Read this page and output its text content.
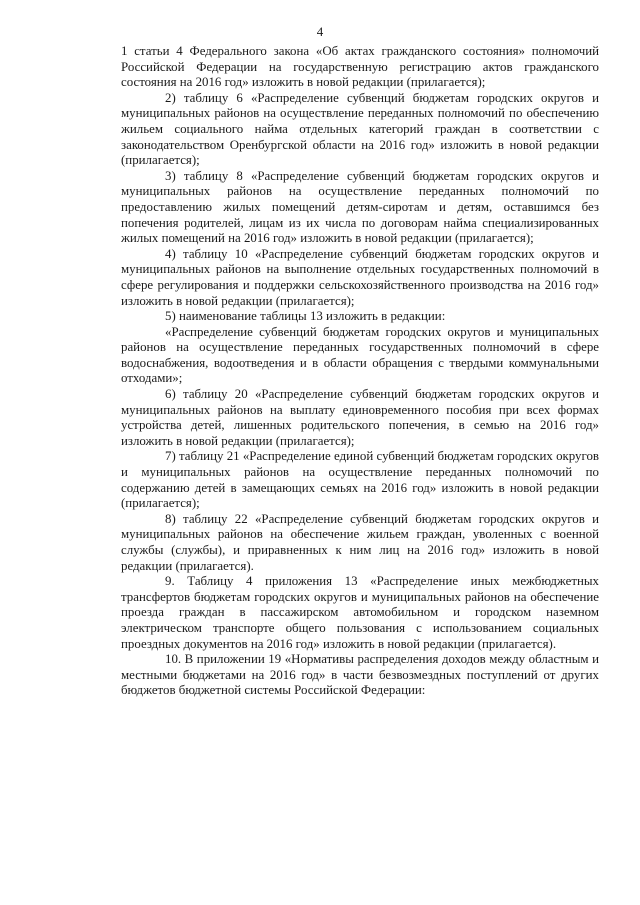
4

1 статьи 4 Федерального закона «Об актах гражданского состояния» полномочий Российской Федерации на государственную регистрацию актов гражданского состояния на 2016 год» изложить в новой редакции (прилагается);

2) таблицу 6 «Распределение субвенций бюджетам городских округов и муниципальных районов на осуществление переданных полномочий по обеспечению жильем социального найма отдельных категорий граждан в соответствии с законодательством Оренбургской области на 2016 год» изложить в новой редакции (прилагается);

3) таблицу 8 «Распределение субвенций бюджетам городских округов и муниципальных районов на осуществление переданных полномочий по предоставлению жилых помещений детям-сиротам и детям, оставшимся без попечения родителей, лицам из их числа по договорам найма специализированных жилых помещений на 2016 год» изложить в новой редакции (прилагается);

4) таблицу 10 «Распределение субвенций бюджетам городских округов и муниципальных районов на выполнение отдельных государственных полномочий в сфере регулирования и поддержки сельскохозяйственного производства на 2016 год» изложить в новой редакции (прилагается);

5) наименование таблицы 13 изложить в редакции:

«Распределение субвенций бюджетам городских округов и муниципальных районов на осуществление переданных государственных полномочий в сфере водоснабжения, водоотведения и в области обращения с твердыми коммунальными отходами»;

6) таблицу 20 «Распределение субвенций бюджетам городских округов и муниципальных районов на выплату единовременного пособия при всех формах устройства детей, лишенных родительского попечения, в семью на 2016 год» изложить в новой редакции (прилагается);

7) таблицу 21 «Распределение единой субвенций бюджетам городских округов и муниципальных районов на осуществление переданных полномочий по содержанию детей в замещающих семьях на 2016 год» изложить в новой редакции (прилагается);

8) таблицу 22 «Распределение субвенций бюджетам городских округов и муниципальных районов на обеспечение жильем граждан, уволенных с военной службы (службы), и приравненных к ним лиц на 2016 год» изложить в новой редакции (прилагается).

9. Таблицу 4 приложения 13 «Распределение иных межбюджетных трансфертов бюджетам городских округов и муниципальных районов на обеспечение проезда граждан в пассажирском автомобильном и городском наземном электрическом транспорте общего пользования с использованием социальных проездных документов на 2016 год» изложить в новой редакции (прилагается).

10. В приложении 19 «Нормативы распределения доходов между областным и местными бюджетами на 2016 год» в части безвозмездных поступлений от других бюджетов бюджетной системы Российской Федерации:
